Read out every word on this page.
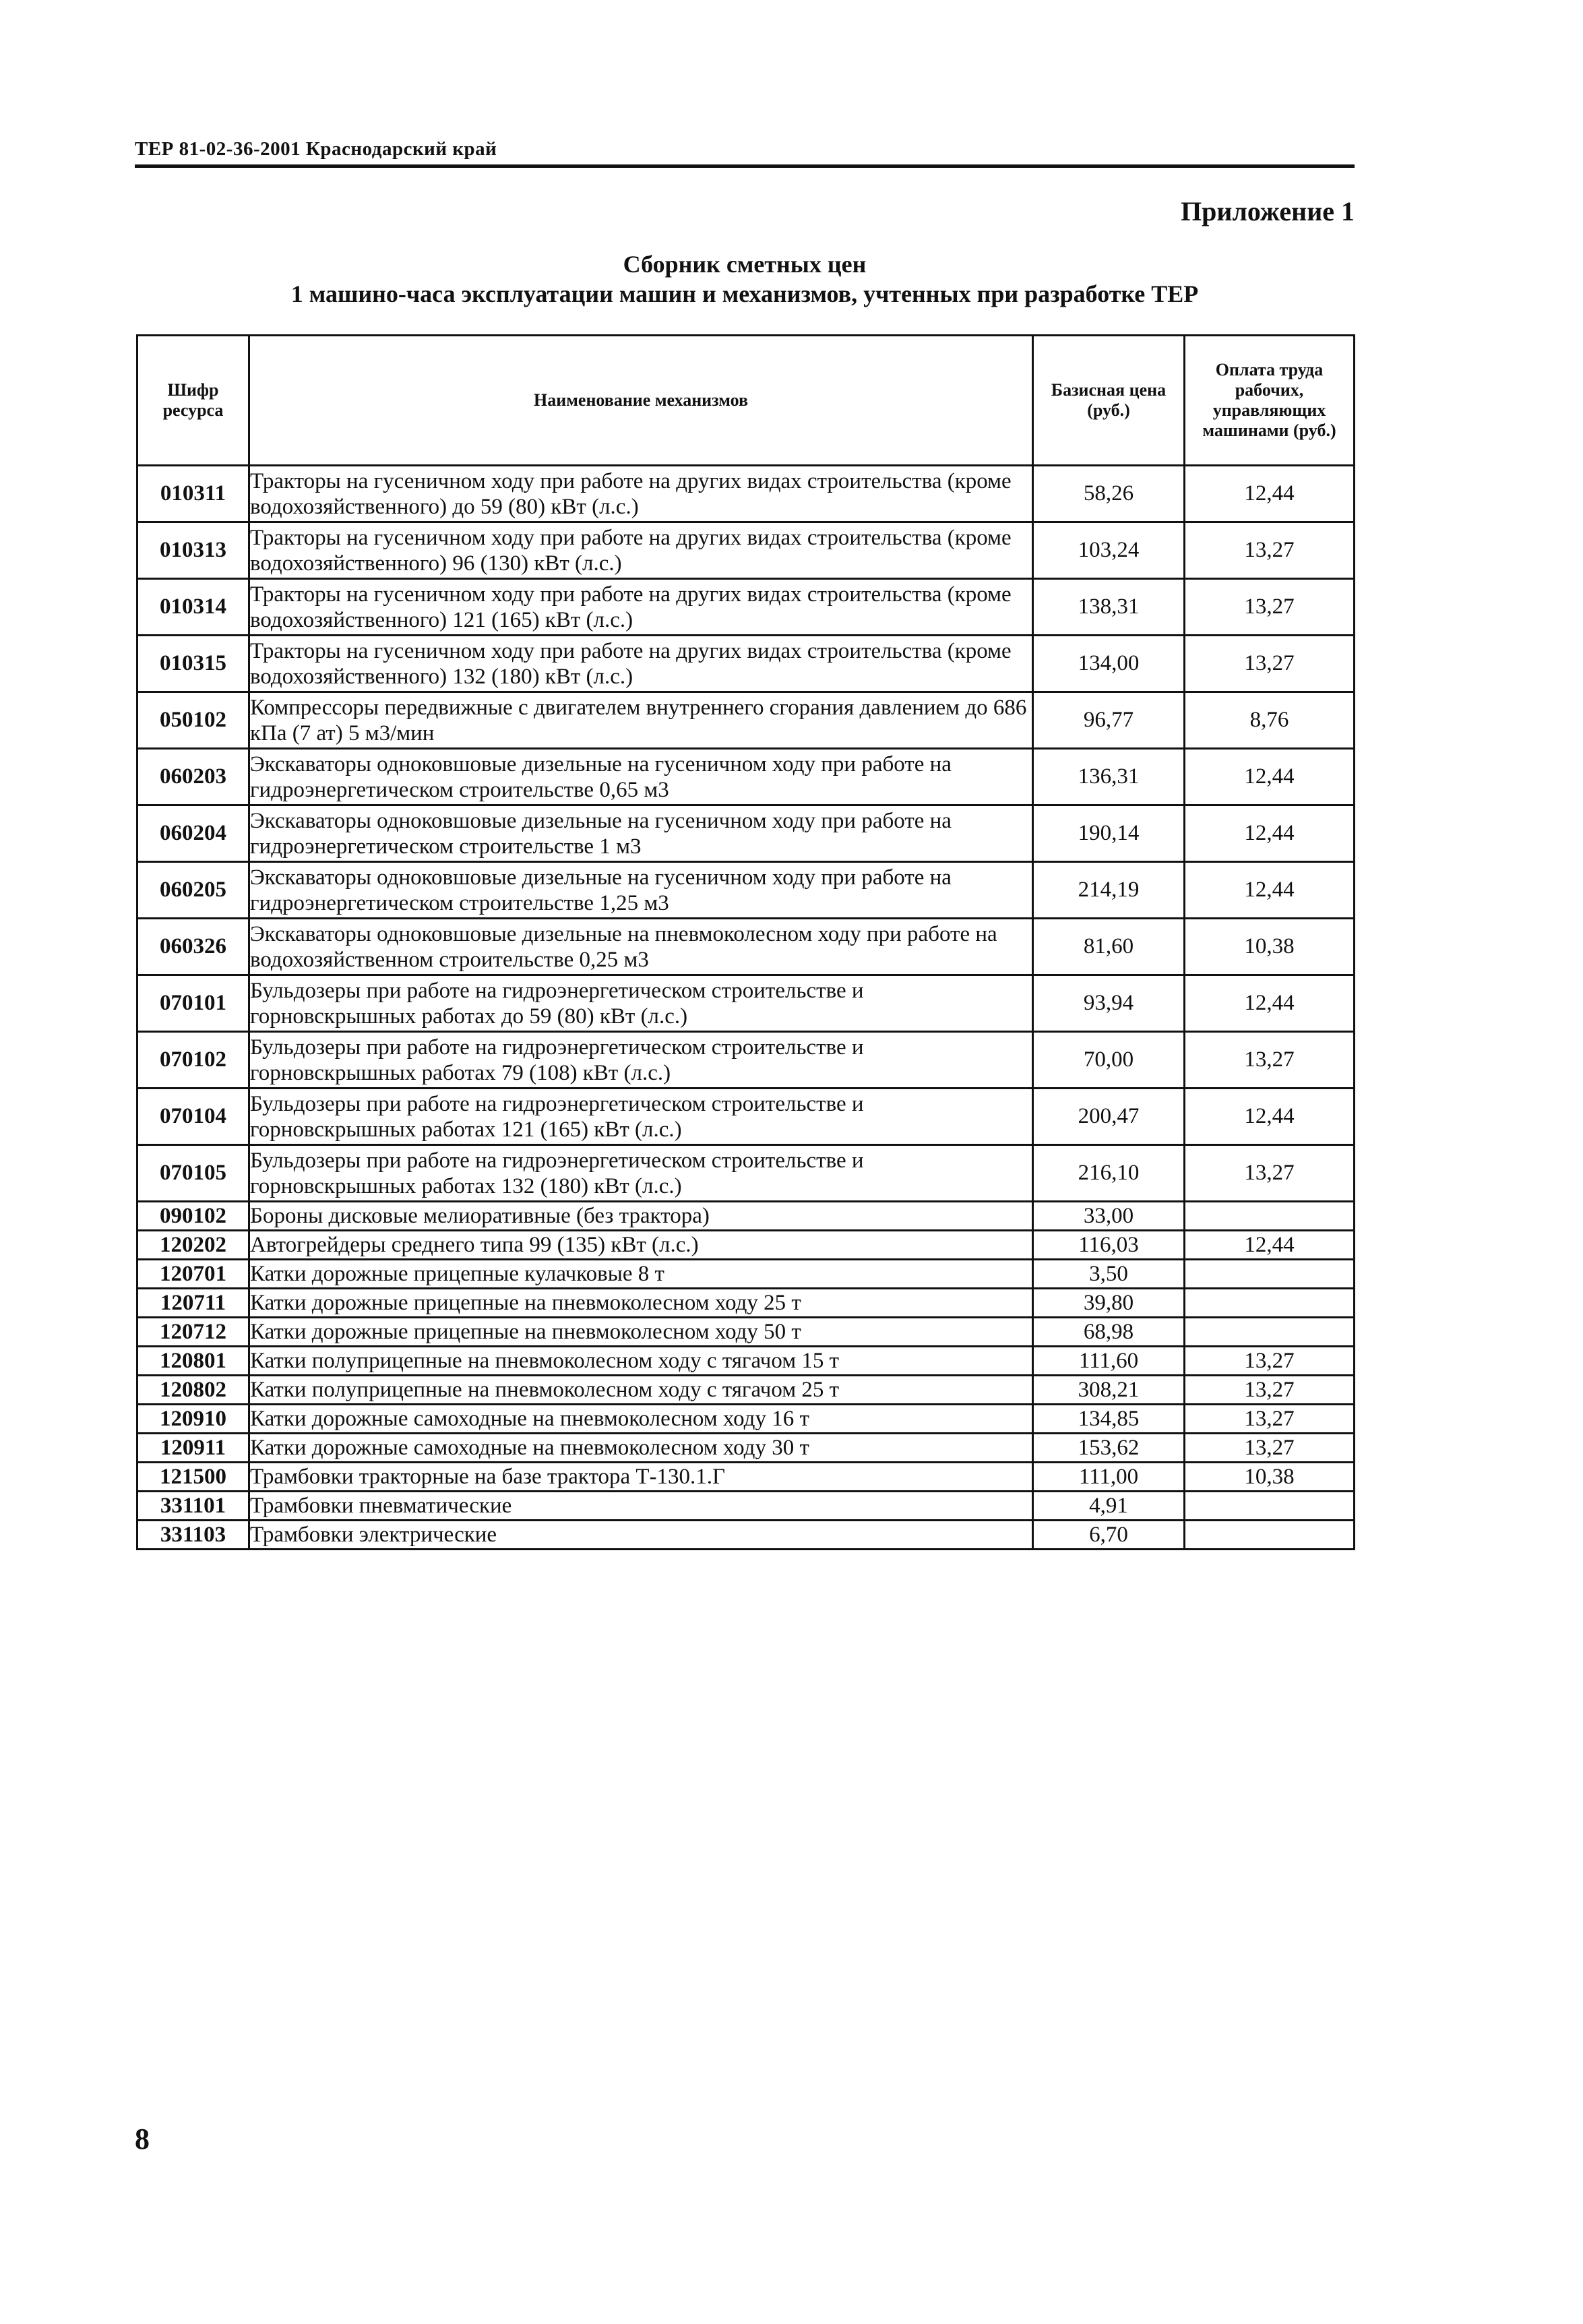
ТЕР 81-02-36-2001 Краснодарский край
Приложение 1
Сборник сметных цен
1 машино-часа эксплуатации машин и механизмов, учтенных при разработке ТЕР
Шифр ресурса	Наименование механизмов	Базисная цена (руб.)	Оплата труда рабочих, управляющих машинами (руб.)
010311	Тракторы на гусеничном ходу при работе на других видах строительства (кроме водохозяйственного) до 59 (80) кВт (л.с.)	58,26	12,44
010313	Тракторы на гусеничном ходу при работе на других видах строительства (кроме водохозяйственного) 96 (130) кВт (л.с.)	103,24	13,27
010314	Тракторы на гусеничном ходу при работе на других видах строительства (кроме водохозяйственного) 121 (165) кВт (л.с.)	138,31	13,27
010315	Тракторы на гусеничном ходу при работе на других видах строительства (кроме водохозяйственного) 132 (180) кВт (л.с.)	134,00	13,27
050102	Компрессоры передвижные с двигателем внутреннего сгорания давлением до 686 кПа (7 ат) 5 м3/мин	96,77	8,76
060203	Экскаваторы одноковшовые дизельные на гусеничном ходу при работе на гидроэнергетическом строительстве 0,65 м3	136,31	12,44
060204	Экскаваторы одноковшовые дизельные на гусеничном ходу при работе на гидроэнергетическом строительстве 1 м3	190,14	12,44
060205	Экскаваторы одноковшовые дизельные на гусеничном ходу при работе на гидроэнергетическом строительстве 1,25 м3	214,19	12,44
060326	Экскаваторы одноковшовые дизельные на пневмоколесном ходу при работе на водохозяйственном строительстве 0,25 м3	81,60	10,38
070101	Бульдозеры при работе на гидроэнергетическом строительстве и горновскрышных работах до 59 (80) кВт (л.с.)	93,94	12,44
070102	Бульдозеры при работе на гидроэнергетическом строительстве и горновскрышных работах 79 (108) кВт (л.с.)	70,00	13,27
070104	Бульдозеры при работе на гидроэнергетическом строительстве и горновскрышных работах 121 (165) кВт (л.с.)	200,47	12,44
070105	Бульдозеры при работе на гидроэнергетическом строительстве и горновскрышных работах 132 (180) кВт (л.с.)	216,10	13,27
090102	Бороны дисковые мелиоративные (без трактора)	33,00	
120202	Автогрейдеры среднего типа 99 (135) кВт (л.с.)	116,03	12,44
120701	Катки дорожные прицепные кулачковые 8 т	3,50	
120711	Катки дорожные прицепные на пневмоколесном ходу 25 т	39,80	
120712	Катки дорожные прицепные на пневмоколесном ходу 50 т	68,98	
120801	Катки полуприцепные на пневмоколесном ходу с тягачом 15 т	111,60	13,27
120802	Катки полуприцепные на пневмоколесном ходу с тягачом 25 т	308,21	13,27
120910	Катки дорожные самоходные на пневмоколесном ходу 16 т	134,85	13,27
120911	Катки дорожные самоходные на пневмоколесном ходу 30 т	153,62	13,27
121500	Трамбовки тракторные на базе трактора Т-130.1.Г	111,00	10,38
331101	Трамбовки пневматические	4,91	
331103	Трамбовки электрические	6,70	
8
